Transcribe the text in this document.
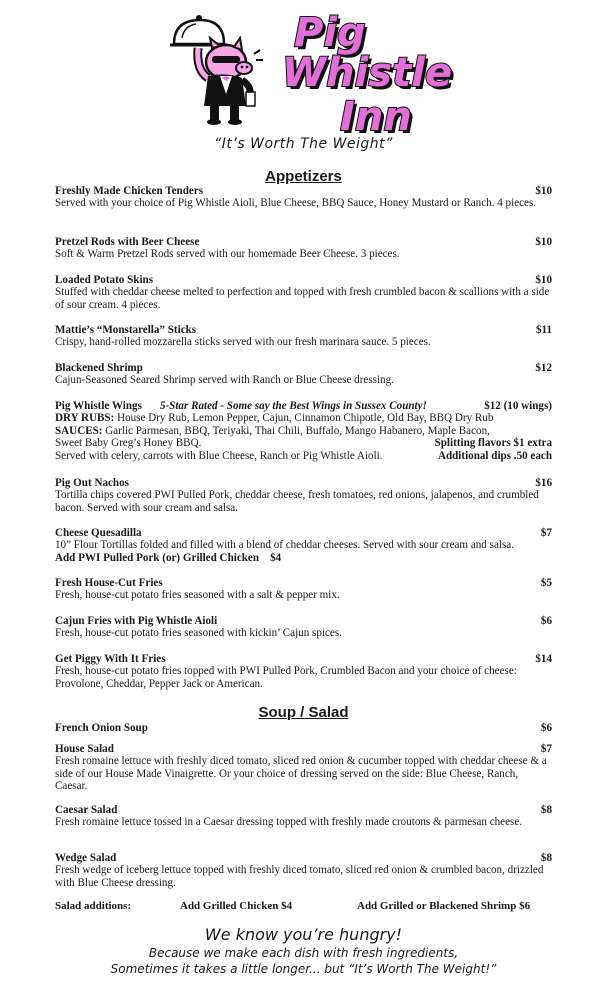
Pig
Whistle
Inn
“It’s Worth The Weight”
Appetizers
Freshly Made Chicken Tenders	$10
Served with your choice of Pig Whistle Aioli, Blue Cheese, BBQ Sauce, Honey Mustard or Ranch. 4 pieces.
Pretzel Rods with Beer Cheese	$10
Soft & Warm Pretzel Rods served with our homemade Beer Cheese. 3 pieces.
Loaded Potato Skins	$10
Stuffed with cheddar cheese melted to perfection and topped with fresh crumbled bacon & scallions with a side of sour cream. 4 pieces.
Mattie’s “Monstarella” Sticks	$11
Crispy, hand-rolled mozzarella sticks served with our fresh marinara sauce. 5 pieces.
Blackened Shrimp	$12
Cajun-Seasoned Seared Shrimp served with Ranch or Blue Cheese dressing.
Pig Whistle Wings 5-Star Rated - Some say the Best Wings in Sussex County!	$12 (10 wings)
DRY RUBS: House Dry Rub, Lemon Pepper, Cajun, Cinnamon Chipotle, Old Bay, BBQ Dry Rub
SAUCES: Garlic Parmesan, BBQ, Teriyaki, Thai Chili, Buffalo, Mango Habanero, Maple Bacon,
Sweet Baby Greg’s Honey BBQ.	Splitting flavors $1 extra
Served with celery, carrots with Blue Cheese, Ranch or Pig Whistle Aioli.	Additional dips .50 each
Pig Out Nachos	$16
Tortilla chips covered PWI Pulled Pork, cheddar cheese, fresh tomatoes, red onions, jalapenos, and crumbled bacon. Served with sour cream and salsa.
Cheese Quesadilla	$7
10” Flour Tortillas folded and filled with a blend of cheddar cheeses. Served with sour cream and salsa.
Add PWI Pulled Pork (or) Grilled Chicken $4
Fresh House-Cut Fries	$5
Fresh, house-cut potato fries seasoned with a salt & pepper mix.
Cajun Fries with Pig Whistle Aioli	$6
Fresh, house-cut potato fries seasoned with kickin’ Cajun spices.
Get Piggy With It Fries	$14
Fresh, house-cut potato fries topped with PWI Pulled Pork, Crumbled Bacon and your choice of cheese: Provolone, Cheddar, Pepper Jack or American.
Soup / Salad
French Onion Soup	$6
House Salad	$7
Fresh romaine lettuce with freshly diced tomato, sliced red onion & cucumber topped with cheddar cheese & a side of our House Made Vinaigrette. Or your choice of dressing served on the side: Blue Cheese, Ranch, Caesar.
Caesar Salad	$8
Fresh romaine lettuce tossed in a Caesar dressing topped with freshly made croutons & parmesan cheese.
Wedge Salad	$8
Fresh wedge of iceberg lettuce topped with freshly diced tomato, sliced red onion & crumbled bacon, drizzled with Blue Cheese dressing.
Salad additions:	Add Grilled Chicken $4	Add Grilled or Blackened Shrimp $6
We know you’re hungry!
Because we make each dish with fresh ingredients,
Sometimes it takes a little longer... but “It’s Worth The Weight!”
